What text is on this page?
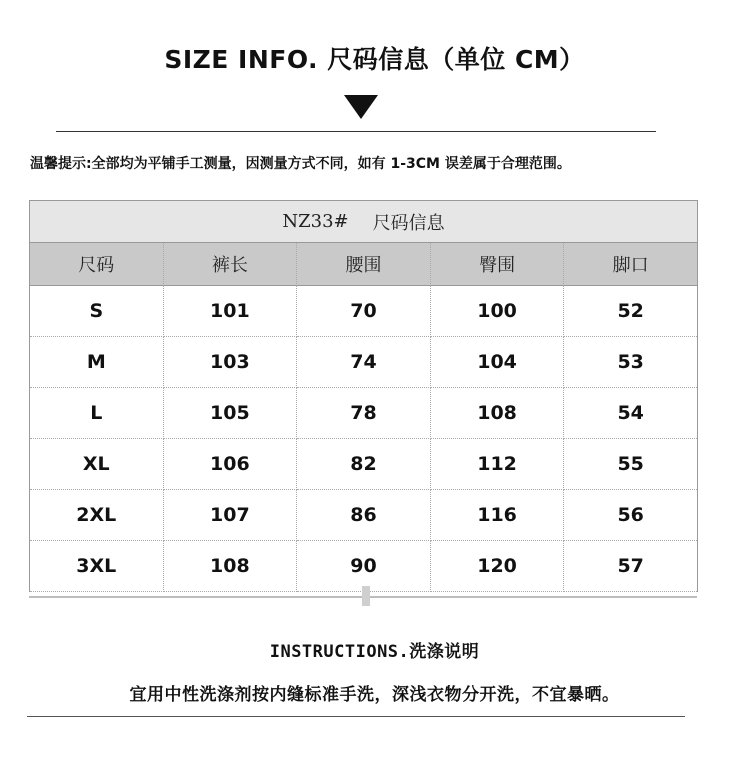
SIZE INFO. 尺码信息（单位 CM）
温馨提示:全部均为平铺手工测量，因测量方式不同，如有 1-3CM 误差属于合理范围。
NZ33# 尺码信息
尺码	裤长	腰围	臀围	脚口
S	101	70	100	52
M	103	74	104	53
L	105	78	108	54
XL	106	82	112	55
2XL	107	86	116	56
3XL	108	90	120	57
INSTRUCTIONS.洗涤说明
宜用中性洗涤剂按内缝标准手洗，深浅衣物分开洗，不宜暴晒。
